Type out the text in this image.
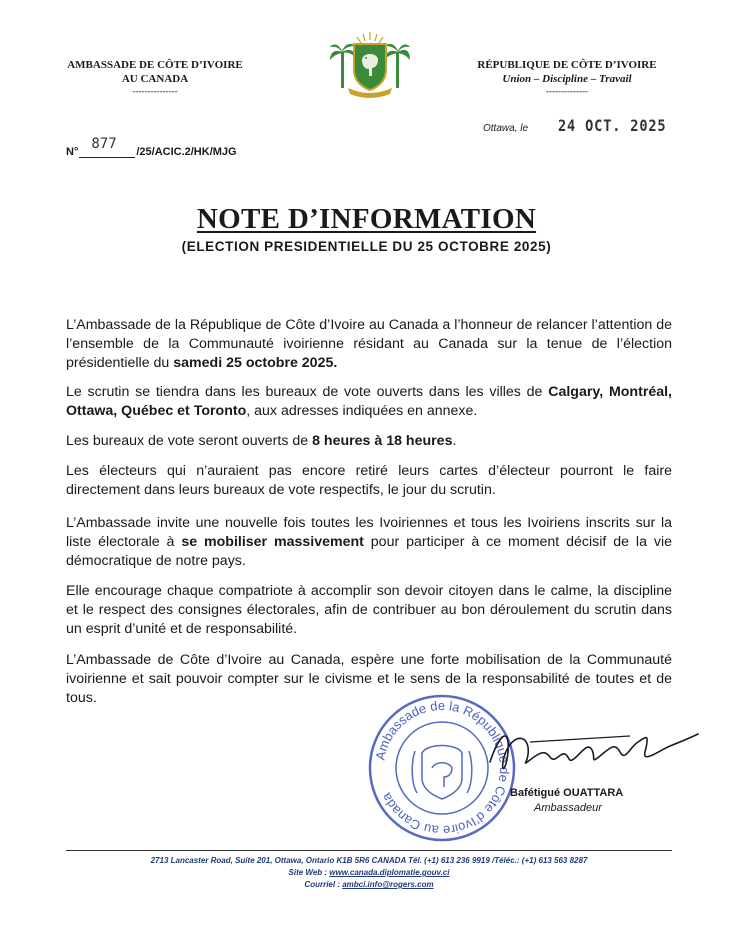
AMBASSADE DE CÔTE D’IVOIRE
AU CANADA
---------------
RÉPUBLIQUE DE CÔTE D’IVOIRE
Union – Discipline – Travail
--------------
Ottawa, le 24 OCT. 2025
N° 877 /25/ACIC.2/HK/MJG
NOTE D’INFORMATION
(ELECTION PRESIDENTIELLE DU 25 OCTOBRE 2025)

L’Ambassade de la République de Côte d’Ivoire au Canada a l’honneur de relancer l’attention de l’ensemble de la Communauté ivoirienne résidant au Canada sur la tenue de l’élection présidentielle du samedi 25 octobre 2025.

Le scrutin se tiendra dans les bureaux de vote ouverts dans les villes de Calgary, Montréal, Ottawa, Québec et Toronto, aux adresses indiquées en annexe.

Les bureaux de vote seront ouverts de 8 heures à 18 heures.

Les électeurs qui n’auraient pas encore retiré leurs cartes d’électeur pourront le faire directement dans leurs bureaux de vote respectifs, le jour du scrutin.

L’Ambassade invite une nouvelle fois toutes les Ivoiriennes et tous les Ivoiriens inscrits sur la liste électorale à se mobiliser massivement pour participer à ce moment décisif de la vie démocratique de notre pays.

Elle encourage chaque compatriote à accomplir son devoir citoyen dans le calme, la discipline et le respect des consignes électorales, afin de contribuer au bon déroulement du scrutin dans un esprit d’unité et de responsabilité.

L’Ambassade de Côte d’Ivoire au Canada, espère une forte mobilisation de la Communauté ivoirienne et sait pouvoir compter sur le civisme et le sens de la responsabilité de toutes et de tous.

Ambassade de la République de Côte d’Ivoire au Canada	Bafétigué OUATTARA
Ambassadeur
2713 Lancaster Road, Suite 201, Ottawa, Ontario K1B 5R6 CANADA Tél. (+1) 613 236 9919 /Téléc.: (+1) 613 563 8287
Site Web : www.canada.diplomatie.gouv.ci
Courriel : ambci.info@rogers.com
